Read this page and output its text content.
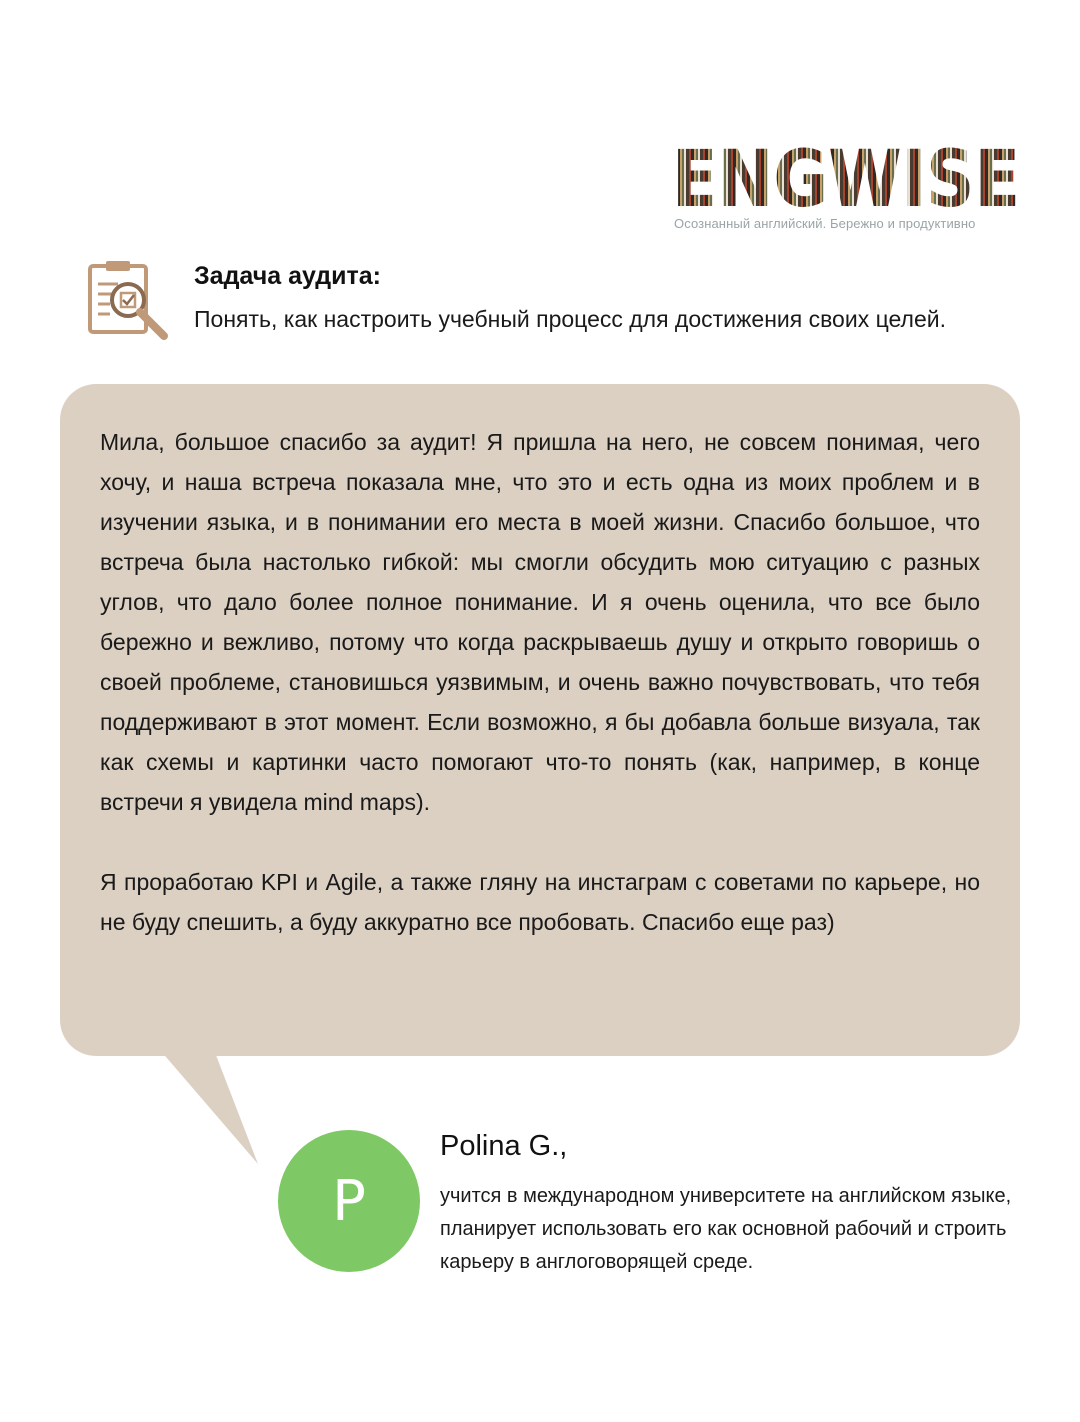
ENGWISE
Осознанный английский. Бережно и продуктивно
Задача аудита:
Понять, как настроить учебный процесс для достижения своих целей.

Мила, большое спасибо за аудит! Я пришла на него, не совсем понимая, чего хочу, и наша встреча показала мне, что это и есть одна из моих проблем и в изучении языка, и в понимании его места в моей жизни. Спасибо большое, что встреча была настолько гибкой: мы смогли обсудить мою ситуацию с разных углов, что дало более полное понимание. И я очень оценила, что все было бережно и вежливо, потому что когда раскрываешь душу и открыто говоришь о своей проблеме, становишься уязвимым, и очень важно почувствовать, что тебя поддерживают в этот момент. Если возможно, я бы добавла больше визуала, так как схемы и картинки часто помогают что-то понять (как, например, в конце встречи я увидела mind maps).

Я проработаю KPI и Agile, а также гляну на инстаграм с советами по карьере, но не буду спешить, а буду аккуратно все пробовать. Спасибо еще раз)

P
Polina G.,
учится в международном университете на английском языке, планирует использовать его как основной рабочий и строить карьеру в англоговорящей среде.
